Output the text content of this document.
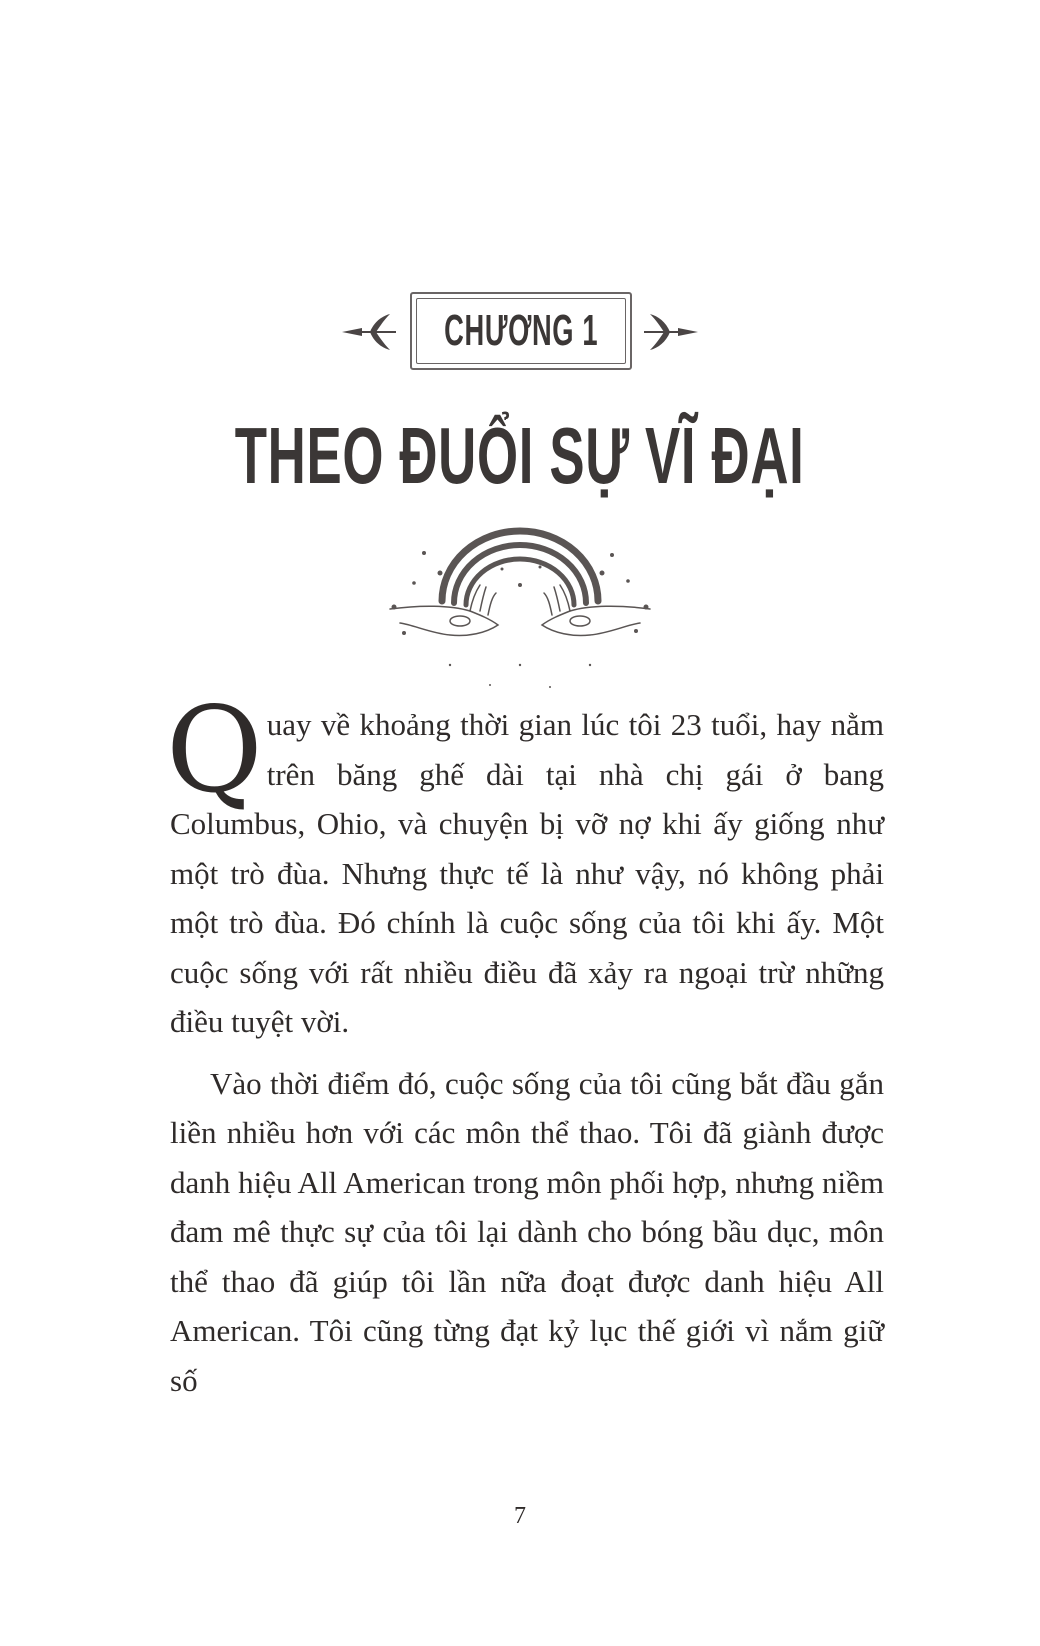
CHƯƠNG 1
THEO ĐUỔI SỰ VĨ ĐẠI

Quay về khoảng thời gian lúc tôi 23 tuổi, hay nằm trên băng ghế dài tại nhà chị gái ở bang Columbus, Ohio, và chuyện bị vỡ nợ khi ấy giống như một trò đùa. Nhưng thực tế là như vậy, nó không phải một trò đùa. Đó chính là cuộc sống của tôi khi ấy. Một cuộc sống với rất nhiều điều đã xảy ra ngoại trừ những điều tuyệt vời.

Vào thời điểm đó, cuộc sống của tôi cũng bắt đầu gắn liền nhiều hơn với các môn thể thao. Tôi đã giành được danh hiệu All American trong môn phối hợp, nhưng niềm đam mê thực sự của tôi lại dành cho bóng bầu dục, môn thể thao đã giúp tôi lần nữa đoạt được danh hiệu All American. Tôi cũng từng đạt kỷ lục thế giới vì nắm giữ số

7
